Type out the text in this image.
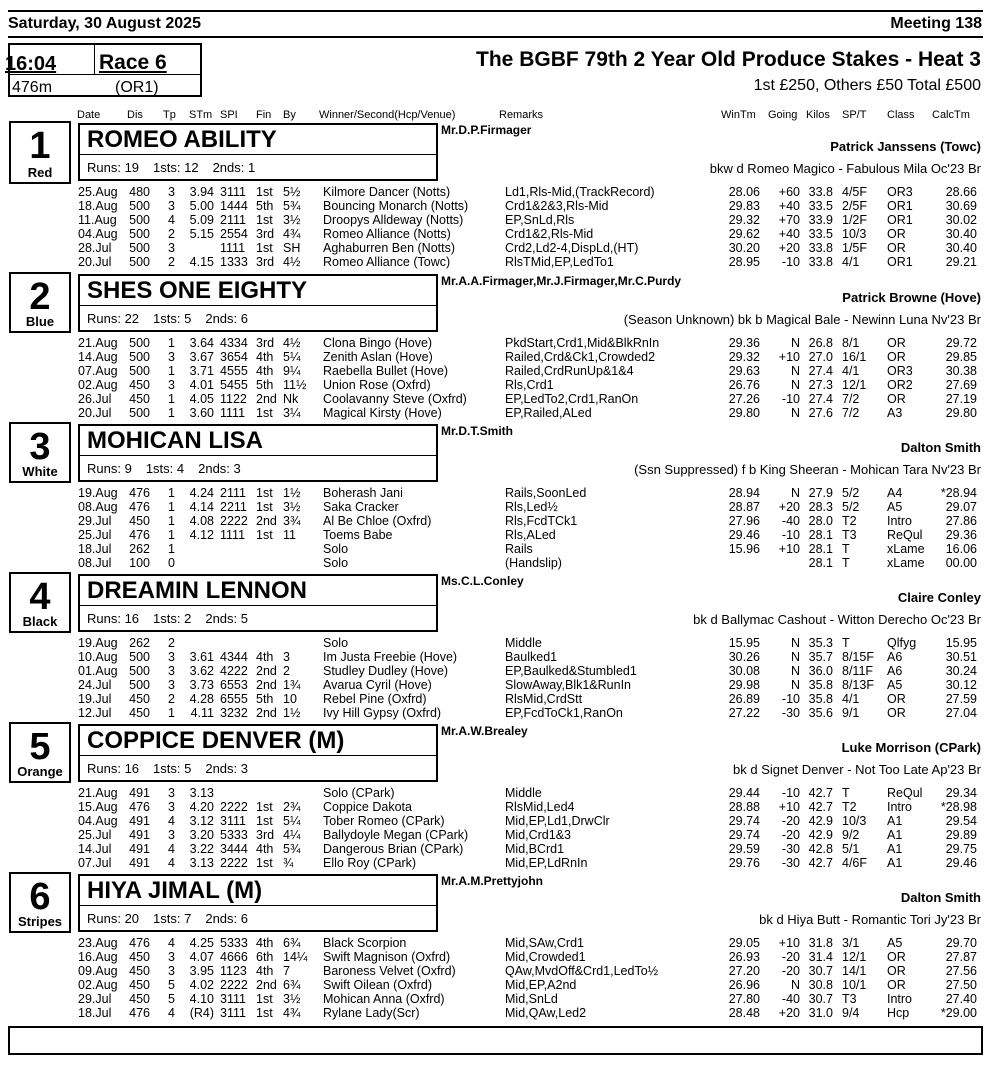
Saturday, 30 August 2025	Meeting 138
16:04 Race 6
476m	(OR1)
The BGBF 79th 2 Year Old Produce Stakes - Heat 3
1st £250, Others £50 Total £500
Date Dis Tp STm SPI Fin By Winner/Second(Hcp/Venue)	Remarks	WinTm Going Kilos SP/T Class CalcTm
1
Red
ROMEO ABILITY
Runs: 19 1sts: 12 2nds: 1
Mr.D.P.Firmager
Patrick Janssens (Towc)
bkw d Romeo Magico - Fabulous Mila Oc'23 Br
25.Aug 480 3 3.94 3111 1st 5½ Kilmore Dancer (Notts)	Ld1,Rls-Mid,(TrackRecord)	28.06 +60 33.8 4/5F OR3	28.66
18.Aug 500 3 5.00 1444 5th 5¾ Bouncing Monarch (Notts)	Crd1&2&3,Rls-Mid	29.83 +40 33.5 2/5F OR1	30.69
11.Aug 500 4 5.09 2111 1st 3½ Droopys Alldeway (Notts)	EP,SnLd,Rls	29.32 +70 33.9 1/2F OR1	30.02
04.Aug 500 2 5.15 2554 3rd 4¾ Romeo Alliance (Notts)	Crd1&2,Rls-Mid	29.62 +40 33.5 10/3 OR	30.40
28.Jul 500 3	1111 1st SH Aghaburren Ben (Notts)	Crd2,Ld2-4,DispLd,(HT)	30.20 +20 33.8 1/5F OR	30.40
20.Jul 500 2 4.15 1333 3rd 4½ Romeo Alliance (Towc)	RlsTMid,EP,LedTo1	28.95 -10 33.8 4/1 OR1	29.21
2
Blue
SHES ONE EIGHTY
Runs: 22 1sts: 5 2nds: 6
Mr.A.A.Firmager,Mr.J.Firmager,Mr.C.Purdy
Patrick Browne (Hove)
(Season Unknown) bk b Magical Bale - Newinn Luna Nv'23 Br
21.Aug 500 1 3.64 4334 3rd 4½ Clona Bingo (Hove)	PkdStart,Crd1,Mid&BlkRnIn	29.36 N 26.8 8/1 OR	29.72
14.Aug 500 3 3.67 3654 4th 5¼ Zenith Aslan (Hove)	Railed,Crd&Ck1,Crowded2	29.32 +10 27.0 16/1 OR	29.85
07.Aug 500 1 3.71 4555 4th 9¼ Raebella Bullet (Hove)	Railed,CrdRunUp&1&4	29.63 N 27.4 4/1 OR3	30.38
02.Aug 450 3 4.01 5455 5th 11½ Union Rose (Oxfrd)	Rls,Crd1	26.76 N 27.3 12/1 OR2	27.69
26.Jul 450 1 4.05 1122 2nd Nk Coolavanny Steve (Oxfrd)	EP,LedTo2,Crd1,RanOn	27.26 -10 27.4 7/2 OR	27.19
20.Jul 500 1 3.60 1111 1st 3¼ Magical Kirsty (Hove)	EP,Railed,ALed	29.80 N 27.6 7/2 A3	29.80
3
White
MOHICAN LISA
Runs: 9 1sts: 4 2nds: 3
Mr.D.T.Smith
Dalton Smith
(Ssn Suppressed) f b King Sheeran - Mohican Tara Nv'23 Br
19.Aug 476 1 4.24 2111 1st 1½ Boherash Jani	Rails,SoonLed	28.94 N 27.9 5/2 A4	*28.94
08.Aug 476 1 4.14 2211 1st 3½ Saka Cracker	Rls,Led½	28.87 +20 28.3 5/2 A5	29.07
29.Jul 450 1 4.08 2222 2nd 3¾ Al Be Chloe (Oxfrd)	Rls,FcdTCk1	27.96 -40 28.0 T2 Intro	27.86
25.Jul 476 1 4.12 1111 1st 11 Toems Babe	Rls,ALed	29.46 -10 28.1 T3 ReQul 29.36
18.Jul 262 1	Solo	Rails	15.96 +10 28.1 T	xLame 16.06
08.Jul 100 0	Solo	(Handslip)	28.1 T	xLame 00.00
4
Black
DREAMIN LENNON
Runs: 16 1sts: 2 2nds: 5
Ms.C.L.Conley
Claire Conley
bk d Ballymac Cashout - Witton Derecho Oc'23 Br
19.Aug 262 2	Solo	Middle	15.95 N 35.3 T	Qlfyg 15.95
10.Aug 500 3 3.61 4344 4th 3	Im Justa Freebie (Hove)	Baulked1	30.26 N 35.7 8/15F A6	30.51
01.Aug 500 3 3.62 4222 2nd 2	Studley Dudley (Hove)	EP,Baulked&Stumbled1	30.08 N 36.0 8/11F A6	30.24
24.Jul 500 3 3.73 6553 2nd 1¾ Avarua Cyril (Hove)	SlowAway,Blk1&RunIn	29.98 N 35.8 8/13F A5	30.12
19.Jul 450 2 4.28 6555 5th 10 Rebel Pine (Oxfrd)	RlsMid,CrdStt	26.89 -10 35.8 4/1 OR	27.59
12.Jul 450 1 4.11 3232 2nd 1½ Ivy Hill Gypsy (Oxfrd)	EP,FcdToCk1,RanOn	27.22 -30 35.6 9/1 OR	27.04
5
Orange
COPPICE DENVER (M)
Runs: 16 1sts: 5 2nds: 3
Mr.A.W.Brealey
Luke Morrison (CPark)
bk d Signet Denver - Not Too Late Ap'23 Br
21.Aug 491 3 3.13	Solo (CPark)	Middle	29.44 -10 42.7 T	ReQul 29.34
15.Aug 476 3 4.20 2222 1st 2¾ Coppice Dakota	RlsMid,Led4	28.88 +10 42.7 T2 Intro *28.98
04.Aug 491 4 3.12 3111 1st 5¼ Tober Romeo (CPark)	Mid,EP,Ld1,DrwClr	29.74 -20 42.9 10/3 A1	29.54
25.Jul 491 3 3.20 5333 3rd 4¼ Ballydoyle Megan (CPark)	Mid,Crd1&3	29.74 -20 42.9 9/2 A1	29.89
14.Jul 491 4 3.22 3444 4th 5¾ Dangerous Brian (CPark)	Mid,BCrd1	29.59 -30 42.8 5/1 A1	29.75
07.Jul 491 4 3.13 2222 1st ¾ Ello Roy (CPark)	Mid,EP,LdRnIn	29.76 -30 42.7 4/6F A1	29.46
6
Stripes
HIYA JIMAL (M)
Runs: 20 1sts: 7 2nds: 6
Mr.A.M.Prettyjohn
Dalton Smith
bk d Hiya Butt - Romantic Tori Jy'23 Br
23.Aug 476 4 4.25 5333 4th 6¾ Black Scorpion	Mid,SAw,Crd1	29.05 +10 31.8 3/1 A5	29.70
16.Aug 450 3 4.07 4666 6th 14¼ Swift Magnison (Oxfrd)	Mid,Crowded1	26.93 -20 31.4 12/1 OR	27.87
09.Aug 450 3 3.95 1123 4th 7	Baroness Velvet (Oxfrd)	QAw,MvdOff&Crd1,LedTo½	27.20 -20 30.7 14/1 OR	27.56
02.Aug 450 5 4.02 2222 2nd 6¾ Swift Oilean (Oxfrd)	Mid,EP,A2nd	26.96 N 30.8 10/1 OR	27.50
29.Jul 450 5 4.10 3111 1st 3½ Mohican Anna (Oxfrd)	Mid,SnLd	27.80 -40 30.7 T3 Intro	27.40
18.Jul 476 4 (R4) 3111 1st 4¾ Rylane Lady(Scr)	Mid,QAw,Led2	28.48 +20 31.0 9/4 Hcp	*29.00
